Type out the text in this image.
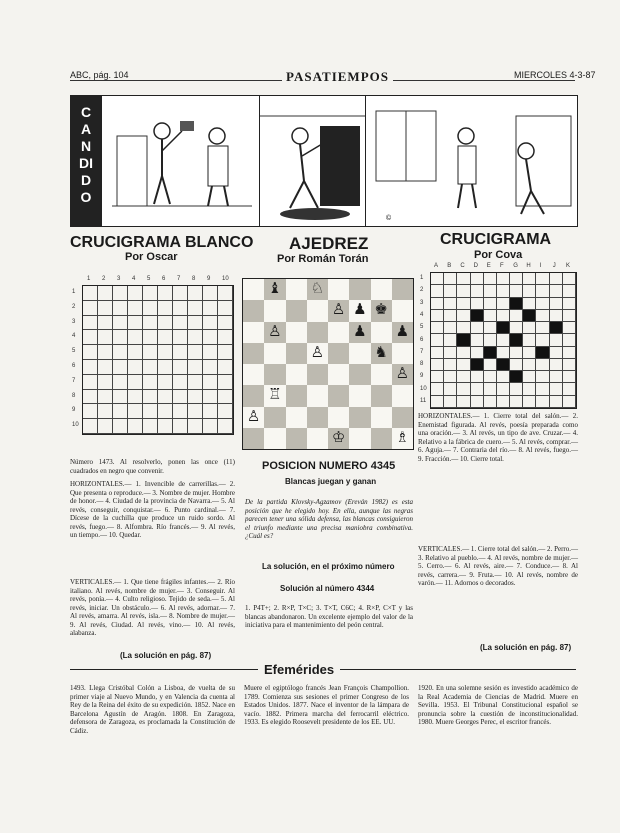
ABC, pág. 104	PASATIEMPOS	MIERCOLES 4-3-87
CANDIDO
©
CRUCIGRAMA BLANCO
Por Oscar
1 2 3 4 5 6 7 8 9 10
1
2
3
4
5
6
7
8
9
10
Número 1473. Al resolverlo, ponen las once (11) cuadrados en negro que convenir.
HORIZONTALES.— 1. Invencible de carrerillas.— 2. Que presenta o reproduce.— 3. Nombre de mujer. Hombre de honor.— 4. Ciudad de la provincia de Navarra.— 5. Al revés, conseguir, conquistar.— 6. Punto cardinal.— 7. Dícese de la cuchilla que produce un ruido sordo. Al revés, fuego.— 8. Alfombra. Río francés.— 9. Al revés, un tiempo.— 10. Quedar.
VERTICALES.— 1. Que tiene frágiles infantes.— 2. Río italiano. Al revés, nombre de mujer.— 3. Conseguir. Al revés, ponía.— 4. Culto religioso. Tejido de seda.— 5. Al revés, iniciar. Un obstáculo.— 6. Al revés, adornar.— 7. Al revés, amarra. Al revés, isla.— 8. Nombre de mujer.— 9. Al revés, Ciudad. Al revés, vino.— 10. Al revés, alabanza.
(La solución en pág. 87)
AJEDREZ
Por Román Torán
♝ ♘
♙ ♟ ♚
♙	♟ ♟
♙	♞
♙
♖
♙
♔	♗
POSICION NUMERO 4345
Blancas juegan y ganan
De la partida Klovsky-Agzamov (Ereván 1982) es esta posición que he elegido hoy. En ella, aunque las negras parecen tener una sólida defensa, las blancas consiguieron el triunfo mediante una precisa maniobra combinativa. ¿Cuál es?
La solución, en el próximo número
Solución al número 4344
1. P4T+; 2. R×P, T×C; 3. T×T, C6C; 4. R×P, C×T y las blancas abandonaron. Un excelente ejemplo del valor de la iniciativa para el mantenimiento del peón central.
CRUCIGRAMA
Por Cova
A B C D E F G H I J K
1
2
3
4
5
6
7
8
9
10
11
HORIZONTALES.— 1. Cierre total del salón.— 2. Enemistad figurada. Al revés, poesía preparada como una oración.— 3. Al revés, un tipo de ave. Cruzar.— 4. Relativo a la fábrica de cuero.— 5. Al revés, comprar.— 6. Aguja.— 7. Contraria del río.— 8. Al revés, fuego.— 9. Fracción.— 10. Cierre total.
VERTICALES.— 1. Cierre total del salón.— 2. Perro.— 3. Relativo al pueblo.— 4. Al revés, nombre de mujer.— 5. Cerro.— 6. Al revés, aire.— 7. Conduce.— 8. Al revés, carrera.— 9. Fruta.— 10. Al revés, nombre de varón.— 11. Adornos o decorados.
(La solución en pág. 87)
Efemérides
1493. Llega Cristóbal Colón a Lisboa, de vuelta de su primer viaje al Nuevo Mundo, y en Valencia da cuenta al Rey de la Reina del éxito de su expedición. 1852. Nace en Barcelona Agustín de Aragón. 1808. En Zaragoza, defensora de Zaragoza, es proclamada la Constitución de Cádiz.
Muere el egiptólogo francés Jean François Champollion. 1789. Comienza sus sesiones el primer Congreso de los Estados Unidos. 1877. Nace el inventor de la lámpara de vacío. 1882. Primera marcha del ferrocarril eléctrico. 1933. Es elegido Roosevelt presidente de los EE. UU.
1920. En una solemne sesión es investido académico de la Real Academia de Ciencias de Madrid. Muere en Sevilla. 1953. El Tribunal Constitucional español se pronuncia sobre la cuestión de inconstitucionalidad. 1980. Muere Georges Perec, el escritor francés.
